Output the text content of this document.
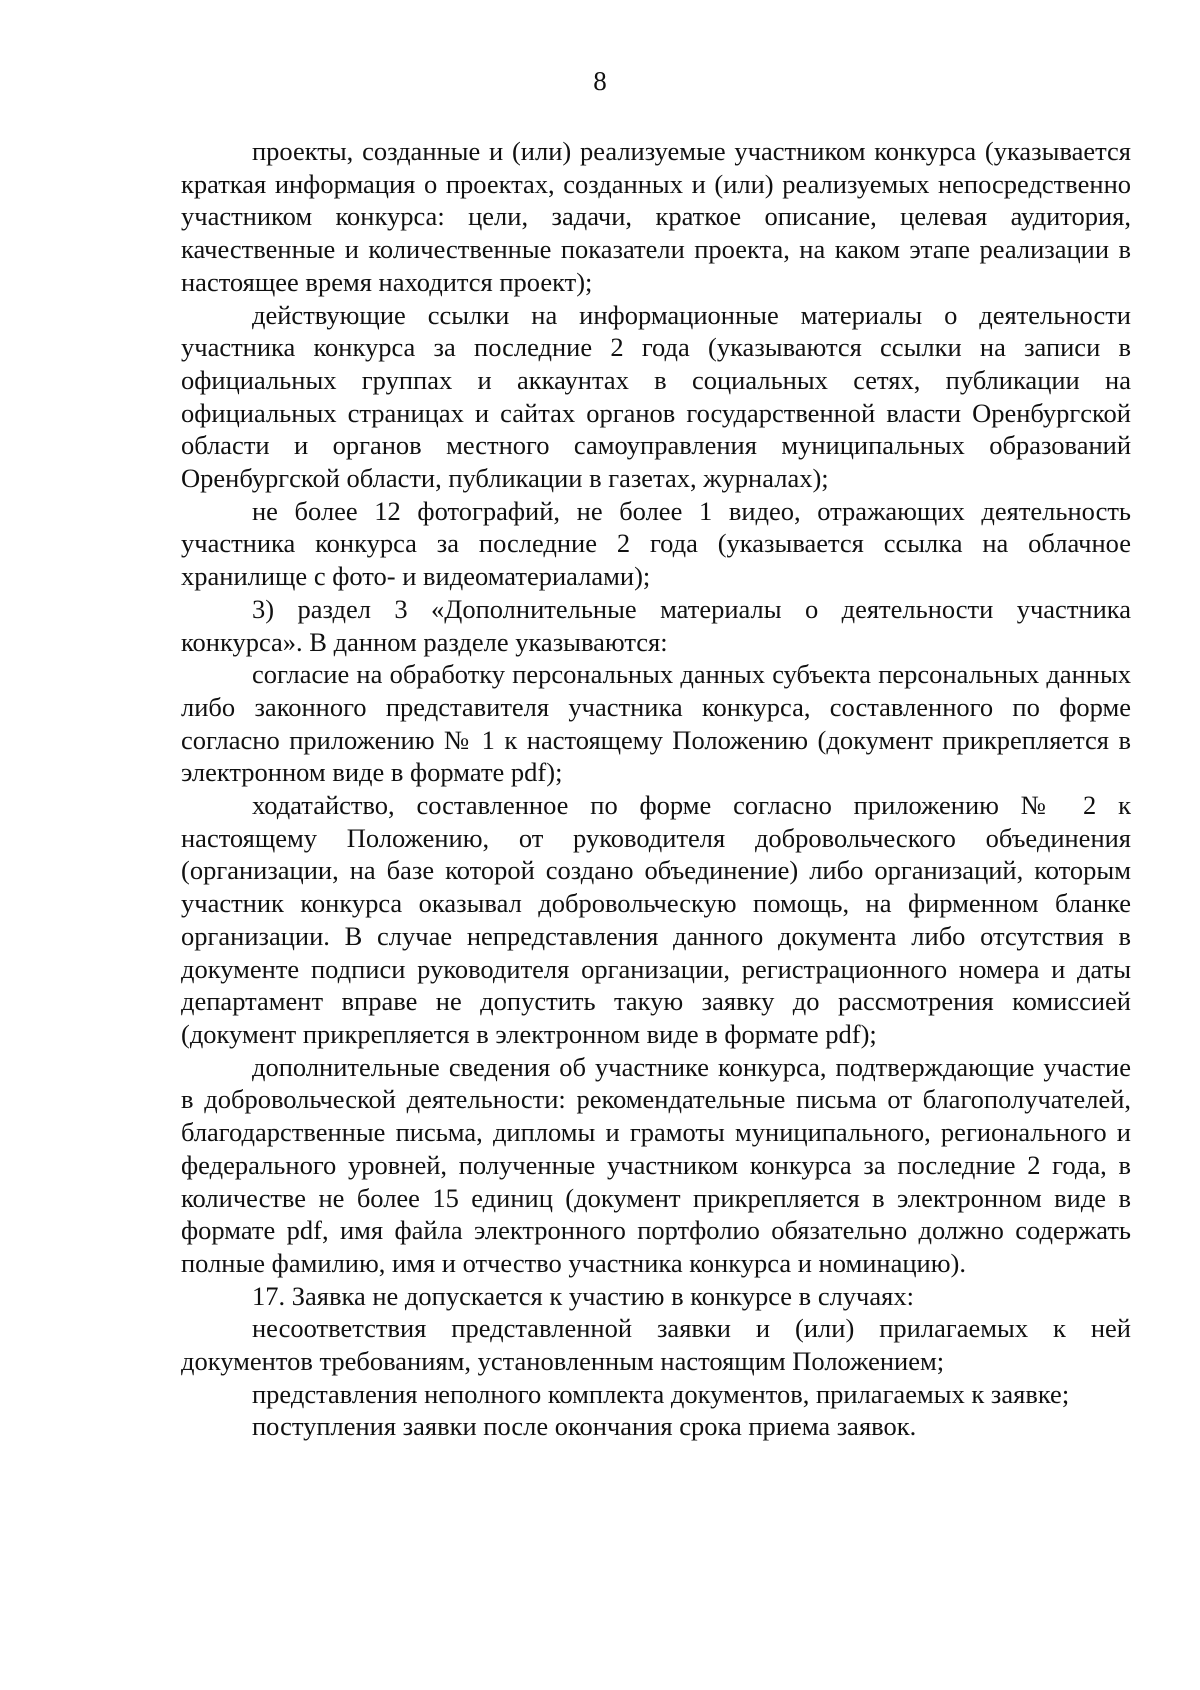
8

проекты, созданные и (или) реализуемые участником конкурса (указывается краткая информация о проектах, созданных и (или) реализуемых непосредственно участником конкурса: цели, задачи, краткое описание, целевая аудитория, качественные и количественные показатели проекта, на каком этапе реализации в настоящее время находится проект);

действующие ссылки на информационные материалы о деятельности участника конкурса за последние 2 года (указываются ссылки на записи в официальных группах и аккаунтах в социальных сетях, публикации на официальных страницах и сайтах органов государственной власти Оренбургской области и органов местного самоуправления муниципальных образований Оренбургской области, публикации в газетах, журналах);

не более 12 фотографий, не более 1 видео, отражающих деятельность участника конкурса за последние 2 года (указывается ссылка на облачное хранилище с фото- и видеоматериалами);

3) раздел 3 «Дополнительные материалы о деятельности участника конкурса». В данном разделе указываются:

согласие на обработку персональных данных субъекта персональных данных либо законного представителя участника конкурса, составленного по форме согласно приложению № 1 к настоящему Положению (документ прикрепляется в электронном виде в формате pdf);

ходатайство, составленное по форме согласно приложению № 2 к настоящему Положению, от руководителя добровольческого объединения (организации, на базе которой создано объединение) либо организаций, которым участник конкурса оказывал добровольческую помощь, на фирменном бланке организации. В случае непредставления данного документа либо отсутствия в документе подписи руководителя организации, регистрационного номера и даты департамент вправе не допустить такую заявку до рассмотрения комиссией (документ прикрепляется в электронном виде в формате pdf);

дополнительные сведения об участнике конкурса, подтверждающие участие в добровольческой деятельности: рекомендательные письма от благополучателей, благодарственные письма, дипломы и грамоты муниципального, регионального и федерального уровней, полученные участником конкурса за последние 2 года, в количестве не более 15 единиц (документ прикрепляется в электронном виде в формате pdf, имя файла электронного портфолио обязательно должно содержать полные фамилию, имя и отчество участника конкурса и номинацию).

17. Заявка не допускается к участию в конкурсе в случаях:

несоответствия представленной заявки и (или) прилагаемых к ней документов требованиям, установленным настоящим Положением;

представления неполного комплекта документов, прилагаемых к заявке;

поступления заявки после окончания срока приема заявок.
